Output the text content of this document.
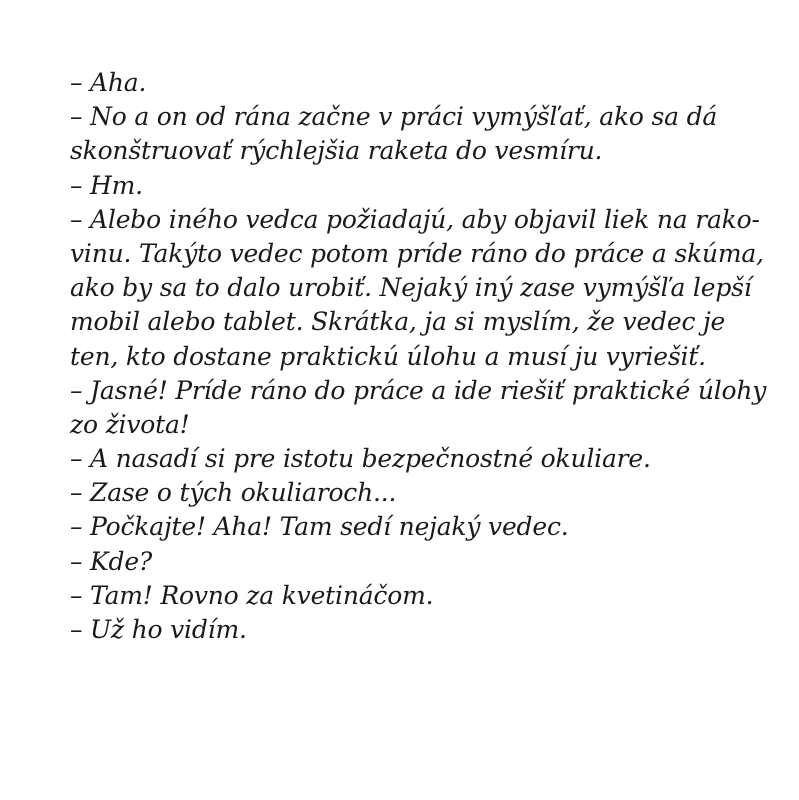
– Aha.
– No a on od rána začne v práci vymýšľať, ako sa dá
skonštruovať rýchlejšia raketa do vesmíru.
– Hm.
– Alebo iného vedca požiadajú, aby objavil liek na rako-
vinu. Takýto vedec potom príde ráno do práce a skúma,
ako by sa to dalo urobiť. Nejaký iný zase vymýšľa lepší
mobil alebo tablet. Skrátka, ja si myslím, že vedec je
ten, kto dostane praktickú úlohu a musí ju vyriešiť.
– Jasné! Príde ráno do práce a ide riešiť praktické úlohy
zo života!
– A nasadí si pre istotu bezpečnostné okuliare.
– Zase o tých okuliaroch...
– Počkajte! Aha! Tam sedí nejaký vedec.
– Kde?
– Tam! Rovno za kvetináčom.
– Už ho vidím.
